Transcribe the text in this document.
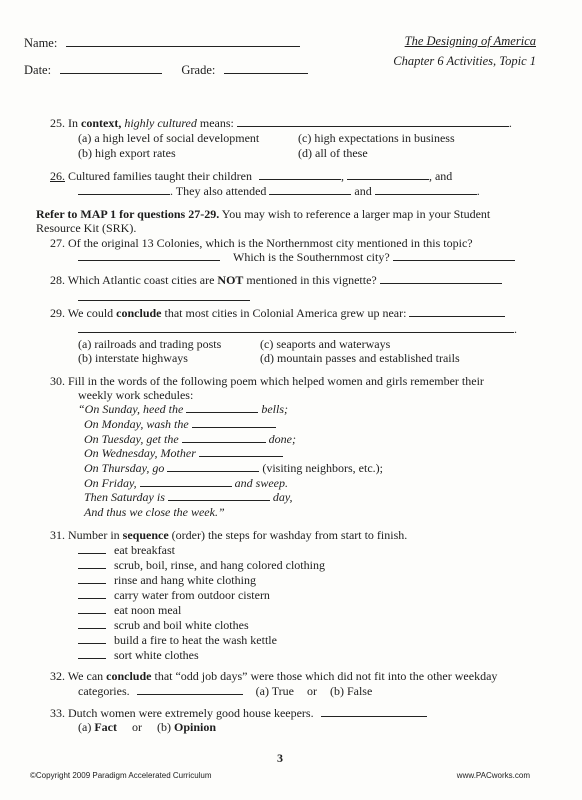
Name:
Date:	Grade:
The Designing of America
Chapter 6 Activities, Topic 1
25. In context, highly cultured means:	.
(a) a high level of social development	(c) high expectations in business
(b) high export rates	(d) all of these
26. Cultured families taught their children	,	, and
. They also attended	and	.
Refer to MAP 1 for questions 27-29. You may wish to reference a larger map in your Student
Resource Kit (SRK).
27. Of the original 13 Colonies, which is the Northernmost city mentioned in this topic?
Which is the Southernmost city?
28. Which Atlantic coast cities are NOT mentioned in this vignette?
29. We could conclude that most cities in Colonial America grew up near:
.
(a) railroads and trading posts	(c) seaports and waterways
(b) interstate highways	(d) mountain passes and established trails
30. Fill in the words of the following poem which helped women and girls remember their
weekly work schedules:
“On Sunday, heed the	bells;
On Monday, wash the
On Tuesday, get the	done;
On Wednesday, Mother
On Thursday, go	(visiting neighbors, etc.);
On Friday,	and sweep.
Then Saturday is	day,
And thus we close the week.”
31. Number in sequence (order) the steps for washday from start to finish.
eat breakfast
scrub, boil, rinse, and hang colored clothing
rinse and hang white clothing
carry water from outdoor cistern
eat noon meal
scrub and boil white clothes
build a fire to heat the wash kettle
sort white clothes
32. We can conclude that “odd job days” were those which did not fit into the other weekday
categories.	(a) True or (b) False
33. Dutch women were extremely good house keepers.
(a) Fact or (b) Opinion
3
©Copyright 2009 Paradigm Accelerated Curriculum	www.PACworks.com
